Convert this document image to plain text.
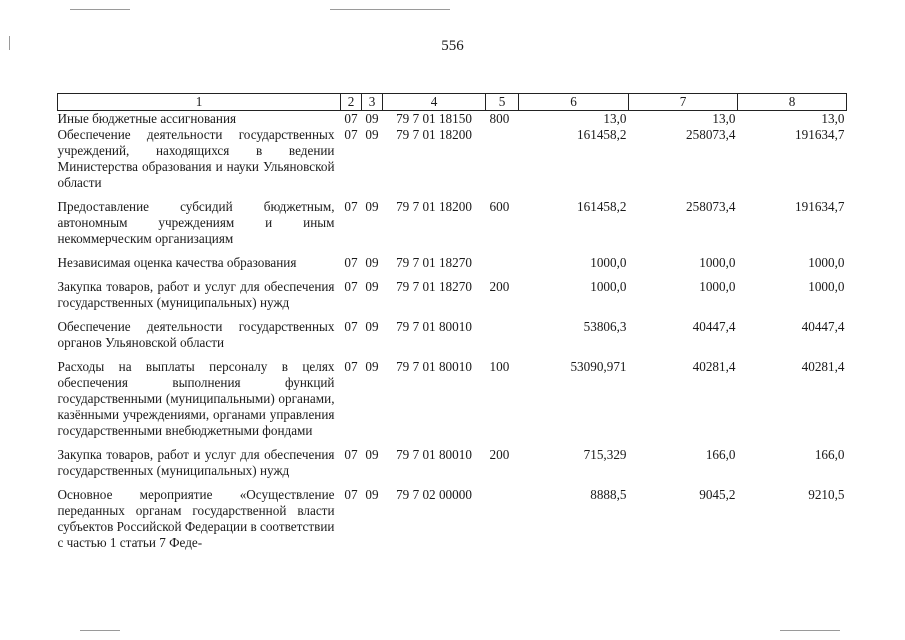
556
1	2	3	4	5	6	7	8
Иные бюджетные ассигнования	07	09	79 7 01 18150	800	13,0	13,0	13,0
Обеспечение деятельности государственных учреждений, находящихся в ведении Министерства образования и науки Ульяновской области	07	09	79 7 01 18200		161458,2	258073,4	191634,7
Предоставление субсидий бюджетным, автономным учреждениям и иным некоммерческим организациям	07	09	79 7 01 18200	600	161458,2	258073,4	191634,7
Независимая оценка качества образования	07	09	79 7 01 18270		1000,0	1000,0	1000,0
Закупка товаров, работ и услуг для обеспечения государственных (муниципальных) нужд	07	09	79 7 01 18270	200	1000,0	1000,0	1000,0
Обеспечение деятельности государственных органов Ульяновской области	07	09	79 7 01 80010		53806,3	40447,4	40447,4
Расходы на выплаты персоналу в целях обеспечения выполнения функций государственными (муниципальными) органами, казёнными учреждениями, органами управления государственными внебюджетными фондами	07	09	79 7 01 80010	100	53090,971	40281,4	40281,4
Закупка товаров, работ и услуг для обеспечения государственных (муниципальных) нужд	07	09	79 7 01 80010	200	715,329	166,0	166,0
Основное мероприятие «Осуществление переданных органам государственной власти субъектов Российской Федерации в соответствии с частью 1 статьи 7 Феде-	07	09	79 7 02 00000		8888,5	9045,2	9210,5
